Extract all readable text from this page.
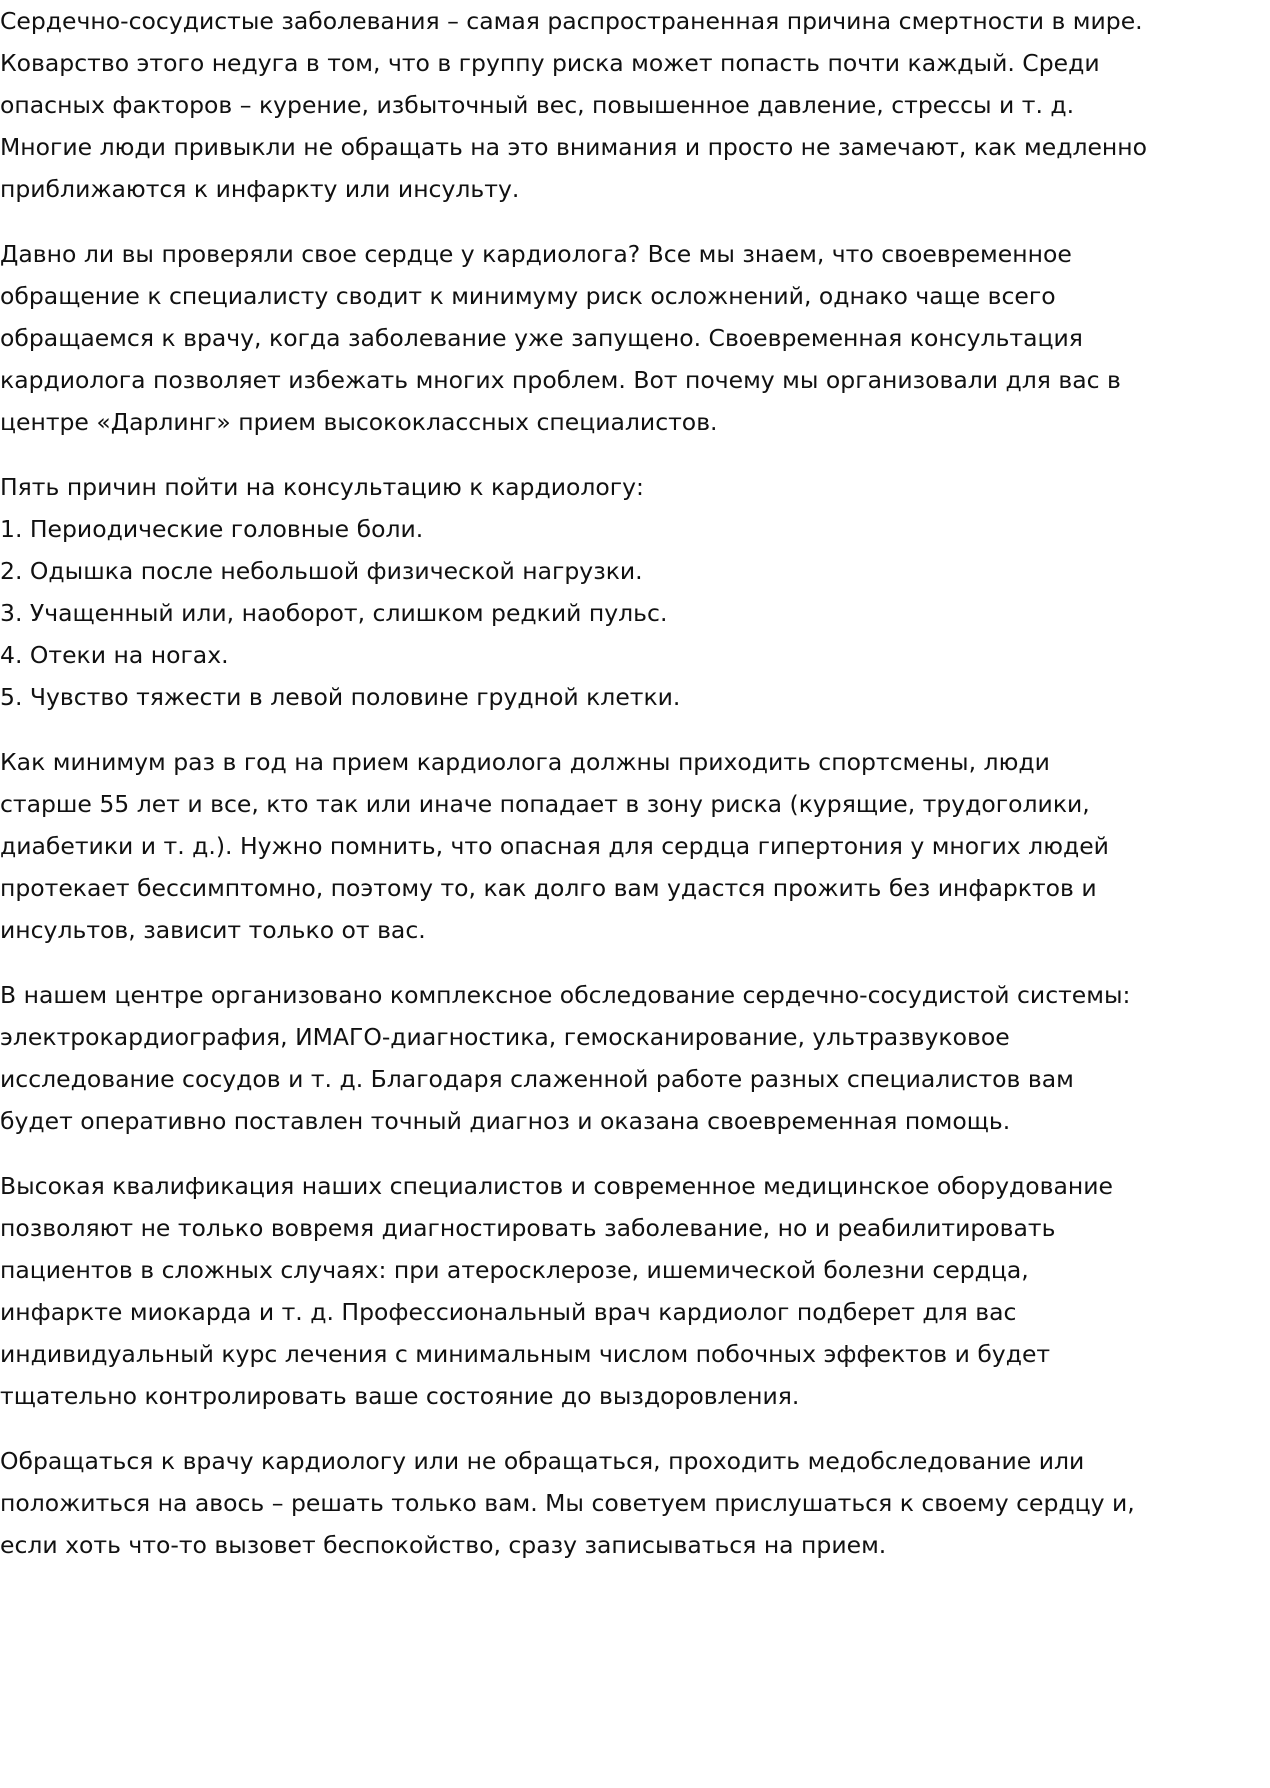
Сердечно-сосудистые заболевания – самая распространенная причина смертности в мире.
Коварство этого недуга в том, что в группу риска может попасть почти каждый. Среди
опасных факторов – курение, избыточный вес, повышенное давление, стрессы и т. д.
Многие люди привыкли не обращать на это внимания и просто не замечают, как медленно
приближаются к инфаркту или инсульту.

Давно ли вы проверяли свое сердце у кардиолога? Все мы знаем, что своевременное
обращение к специалисту сводит к минимуму риск осложнений, однако чаще всего
обращаемся к врачу, когда заболевание уже запущено. Своевременная консультация
кардиолога позволяет избежать многих проблем. Вот почему мы организовали для вас в
центре «Дарлинг» прием высококлассных специалистов.

Пять причин пойти на консультацию к кардиологу:
1. Периодические головные боли.
2. Одышка после небольшой физической нагрузки.
3. Учащенный или, наоборот, слишком редкий пульс.
4. Отеки на ногах.
5. Чувство тяжести в левой половине грудной клетки.

Как минимум раз в год на прием кардиолога должны приходить спортсмены, люди
старше 55 лет и все, кто так или иначе попадает в зону риска (курящие, трудоголики,
диабетики и т. д.). Нужно помнить, что опасная для сердца гипертония у многих людей
протекает бессимптомно, поэтому то, как долго вам удастся прожить без инфарктов и
инсультов, зависит только от вас.

В нашем центре организовано комплексное обследование сердечно-сосудистой системы:
электрокардиография, ИМАГО-диагностика, гемосканирование, ультразвуковое
исследование сосудов и т. д. Благодаря слаженной работе разных специалистов вам
будет оперативно поставлен точный диагноз и оказана своевременная помощь.

Высокая квалификация наших специалистов и современное медицинское оборудование
позволяют не только вовремя диагностировать заболевание, но и реабилитировать
пациентов в сложных случаях: при атеросклерозе, ишемической болезни сердца,
инфаркте миокарда и т. д. Профессиональный врач кардиолог подберет для вас
индивидуальный курс лечения с минимальным числом побочных эффектов и будет
тщательно контролировать ваше состояние до выздоровления.

Обращаться к врачу кардиологу или не обращаться, проходить медобследование или
положиться на авось – решать только вам. Мы советуем прислушаться к своему сердцу и,
если хоть что-то вызовет беспокойство, сразу записываться на прием.
